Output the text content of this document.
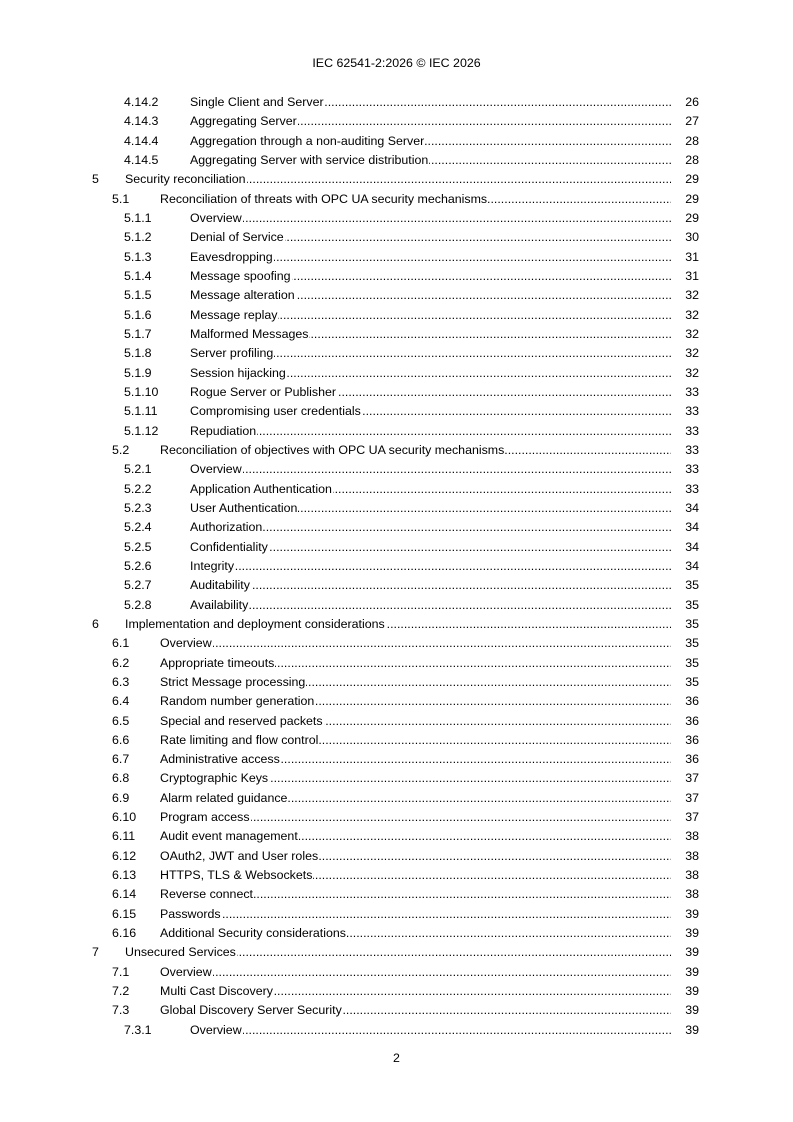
IEC 62541-2:2026 © IEC 2026
4.14.2 .....	Single Client and Server	26
4.14.3 .....	Aggregating Server	27
4.14.4 .....	Aggregation through a non-auditing Server	28
4.14.5 .....	Aggregating Server with service distribution	28
5 ..... Security reconciliation	29
5.1 ..... Reconciliation of threats with OPC UA security mechanisms	29
5.1.1 .....	Overview	29
5.1.2 .....	Denial of Service	30
5.1.3 .....	Eavesdropping	31
5.1.4 .....	Message spoofing	31
5.1.5 .....	Message alteration	32
5.1.6 .....	Message replay	32
5.1.7 .....	Malformed Messages	32
5.1.8 .....	Server profiling	32
5.1.9 .....	Session hijacking	32
5.1.10 .....	Rogue Server or Publisher	33
5.1.11 .....	Compromising user credentials	33
5.1.12 .....	Repudiation	33
5.2 ..... Reconciliation of objectives with OPC UA security mechanisms	33
5.2.1 .....	Overview	33
5.2.2 .....	Application Authentication	33
5.2.3 .....	User Authentication	34
5.2.4 .....	Authorization	34
5.2.5 .....	Confidentiality	34
5.2.6 .....	Integrity	34
5.2.7 .....	Auditability	35
5.2.8 .....	Availability	35
6 ..... Implementation and deployment considerations	35
6.1 ..... Overview	35
6.2 ..... Appropriate timeouts	35
6.3 ..... Strict Message processing	35
6.4 ..... Random number generation	36
6.5 ..... Special and reserved packets	36
6.6 ..... Rate limiting and flow control	36
6.7 ..... Administrative access	36
6.8 ..... Cryptographic Keys	37
6.9 ..... Alarm related guidance	37
6.10 ..... Program access	37
6.11 ..... Audit event management	38
6.12 ..... OAuth2, JWT and User roles	38
6.13 ..... HTTPS, TLS & Websockets	38
6.14 ..... Reverse connect	38
6.15 ..... Passwords	39
6.16 ..... Additional Security considerations	39
7 ..... Unsecured Services	39
7.1 ..... Overview	39
7.2 ..... Multi Cast Discovery	39
7.3 ..... Global Discovery Server Security	39
7.3.1 .....	Overview	39
2
